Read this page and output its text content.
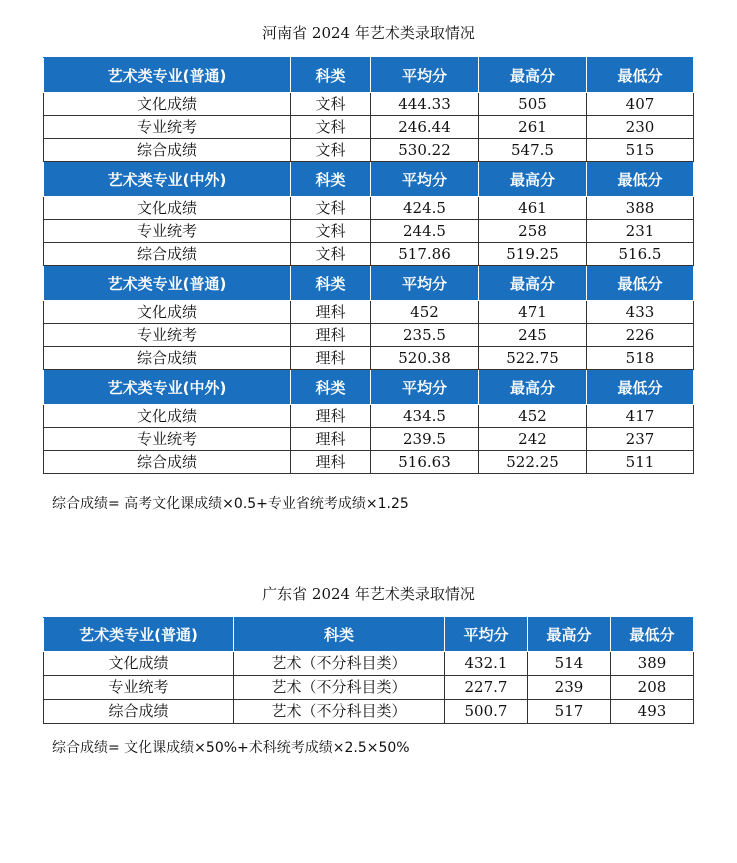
河南省 2024 年艺术类录取情况
艺术类专业(普通)	科类	平均分	最高分	最低分
文化成绩	文科	444.33	505	407
专业统考	文科	246.44	261	230
综合成绩	文科	530.22	547.5	515
艺术类专业(中外)	科类	平均分	最高分	最低分
文化成绩	文科	424.5	461	388
专业统考	文科	244.5	258	231
综合成绩	文科	517.86	519.25	516.5
艺术类专业(普通)	科类	平均分	最高分	最低分
文化成绩	理科	452	471	433
专业统考	理科	235.5	245	226
综合成绩	理科	520.38	522.75	518
艺术类专业(中外)	科类	平均分	最高分	最低分
文化成绩	理科	434.5	452	417
专业统考	理科	239.5	242	237
综合成绩	理科	516.63	522.25	511
综合成绩= 高考文化课成绩×0.5+专业省统考成绩×1.25
广东省 2024 年艺术类录取情况
艺术类专业(普通)	科类	平均分	最高分	最低分
文化成绩	艺术（不分科目类）	432.1	514	389
专业统考	艺术（不分科目类）	227.7	239	208
综合成绩	艺术（不分科目类）	500.7	517	493
综合成绩= 文化课成绩×50%+术科统考成绩×2.5×50%
